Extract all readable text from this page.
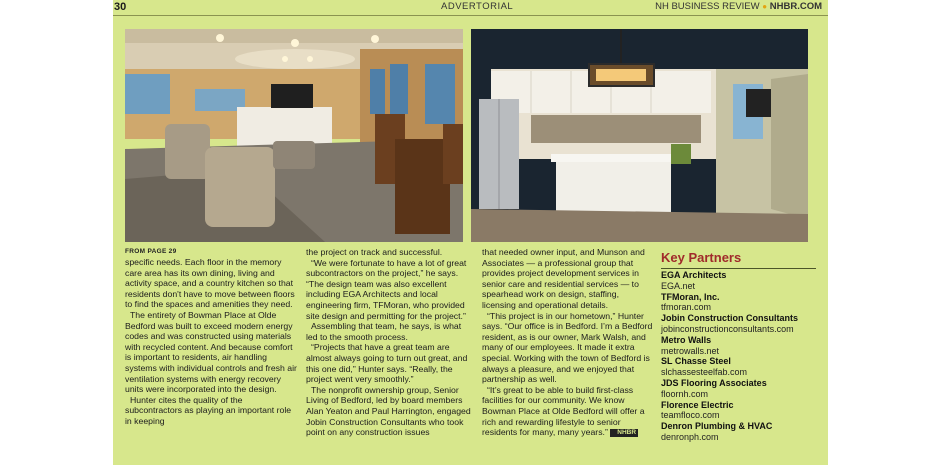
30	ADVERTORIAL	NH BUSINESS REVIEW ● NHBR.COM
FROM PAGE 29

specific needs. Each floor in the memory care area has its own dining, living and activity space, and a country kitchen so that residents don't have to move between floors to find the spaces and amenities they need.

The entirety of Bowman Place at Olde Bedford was built to exceed modern energy codes and was constructed using materials with recycled content. And because comfort is important to residents, air handling systems with individual controls and fresh air ventilation systems with energy recovery units were incorporated into the design.

Hunter cites the quality of the subcontractors as playing an important role in keeping

the project on track and successful.

“We were fortunate to have a lot of great subcontractors on the project,” he says. “The design team was also excellent including EGA Architects and local engineering firm, TFMoran, who provided site design and permitting for the project.”

Assembling that team, he says, is what led to the smooth process.

“Projects that have a great team are almost always going to turn out great, and this one did,” Hunter says. “Really, the project went very smoothly.”

The nonprofit ownership group, Senior Living of Bedford, led by board members Alan Yeaton and Paul Harrington, engaged Jobin Construction Consultants who took point on any construction issues

that needed owner input, and Munson and Associates — a professional group that provides project development services in senior care and residential services — to spearhead work on design, staffing, licensing and operational details.

“This project is in our hometown,” Hunter says. “Our office is in Bedford. I’m a Bedford resident, as is our owner, Mark Walsh, and many of our employees. It made it extra special. Working with the town of Bedford is always a pleasure, and we enjoyed that partnership as well.

“It’s great to be able to build first-class facilities for our community. We know Bowman Place at Olde Bedford will offer a rich and rewarding lifestyle to senior residents for many, many years.” NHBR

Key Partners
EGA Architects
EGA.net
TFMoran, Inc.
tfmoran.com
Jobin Construction Consultants
jobinconstructionconsultants.com
Metro Walls
metrowalls.net
SL Chasse Steel
slchassesteelfab.com
JDS Flooring Associates
floornh.com
Florence Electric
teamfloco.com
Denron Plumbing & HVAC
denronph.com
